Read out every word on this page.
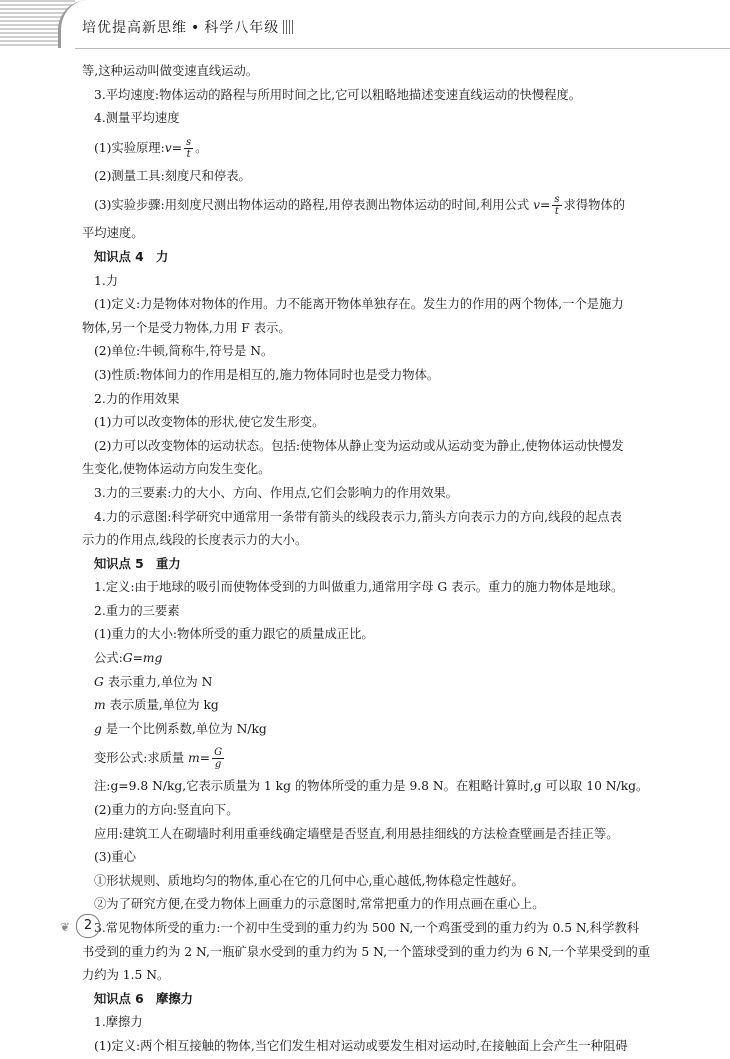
培优提高新思维 • 科学八年级
等,这种运动叫做变速直线运动。
3.平均速度:物体运动的路程与所用时间之比,它可以粗略地描述变速直线运动的快慢程度。
4.测量平均速度
(1)实验原理:v= $\frac{s}{t}$ 。
(2)测量工具:刻度尺和停表。
(3)实验步骤:用刻度尺测出物体运动的路程,用停表测出物体运动的时间,利用公式 $v= \frac{s}{t}$ 求得物体的
平均速度。
知识点 4　力
1.力
(1)定义:力是物体对物体的作用。力不能离开物体单独存在。发生力的作用的两个物体,一个是施力
物体,另一个是受力物体,力用 F 表示。
(2)单位:牛顿,简称牛,符号是 N。
(3)性质:物体间力的作用是相互的,施力物体同时也是受力物体。
2.力的作用效果
(1)力可以改变物体的形状,使它发生形变。
(2)力可以改变物体的运动状态。包括:使物体从静止变为运动或从运动变为静止,使物体运动快慢发
生变化,使物体运动方向发生变化。
3.力的三要素:力的大小、方向、作用点,它们会影响力的作用效果。
4.力的示意图:科学研究中通常用一条带有箭头的线段表示力,箭头方向表示力的方向,线段的起点表
示力的作用点,线段的长度表示力的大小。
知识点 5　重力
1.定义:由于地球的吸引而使物体受到的力叫做重力,通常用字母 G 表示。重力的施力物体是地球。
2.重力的三要素
(1)重力的大小:物体所受的重力跟它的质量成正比。
公式:G=mg
G 表示重力,单位为 N
m 表示质量,单位为 kg
g 是一个比例系数,单位为 N/kg
变形公式:求质量 $m= \frac{G}{g}$
注:g=9.8 N/kg,它表示质量为 1 kg 的物体所受的重力是 9.8 N。在粗略计算时,g 可以取 10 N/kg。
(2)重力的方向:竖直向下。
应用:建筑工人在砌墙时利用重垂线确定墙壁是否竖直,利用悬挂细线的方法检查壁画是否挂正等。
(3)重心
①形状规则、质地均匀的物体,重心在它的几何中心,重心越低,物体稳定性越好。
②为了研究方便,在受力物体上画重力的示意图时,常常把重力的作用点画在重心上。
3.常见物体所受的重力:一个初中生受到的重力约为 500 N,一个鸡蛋受到的重力约为 0.5 N,科学教科
书受到的重力约为 2 N,一瓶矿泉水受到的重力约为 5 N,一个篮球受到的重力约为 6 N,一个苹果受到的重
力约为 1.5 N。
知识点 6　摩擦力
1.摩擦力
(1)定义:两个相互接触的物体,当它们发生相对运动或要发生相对运动时,在接触面上会产生一种阻碍
❦	2
